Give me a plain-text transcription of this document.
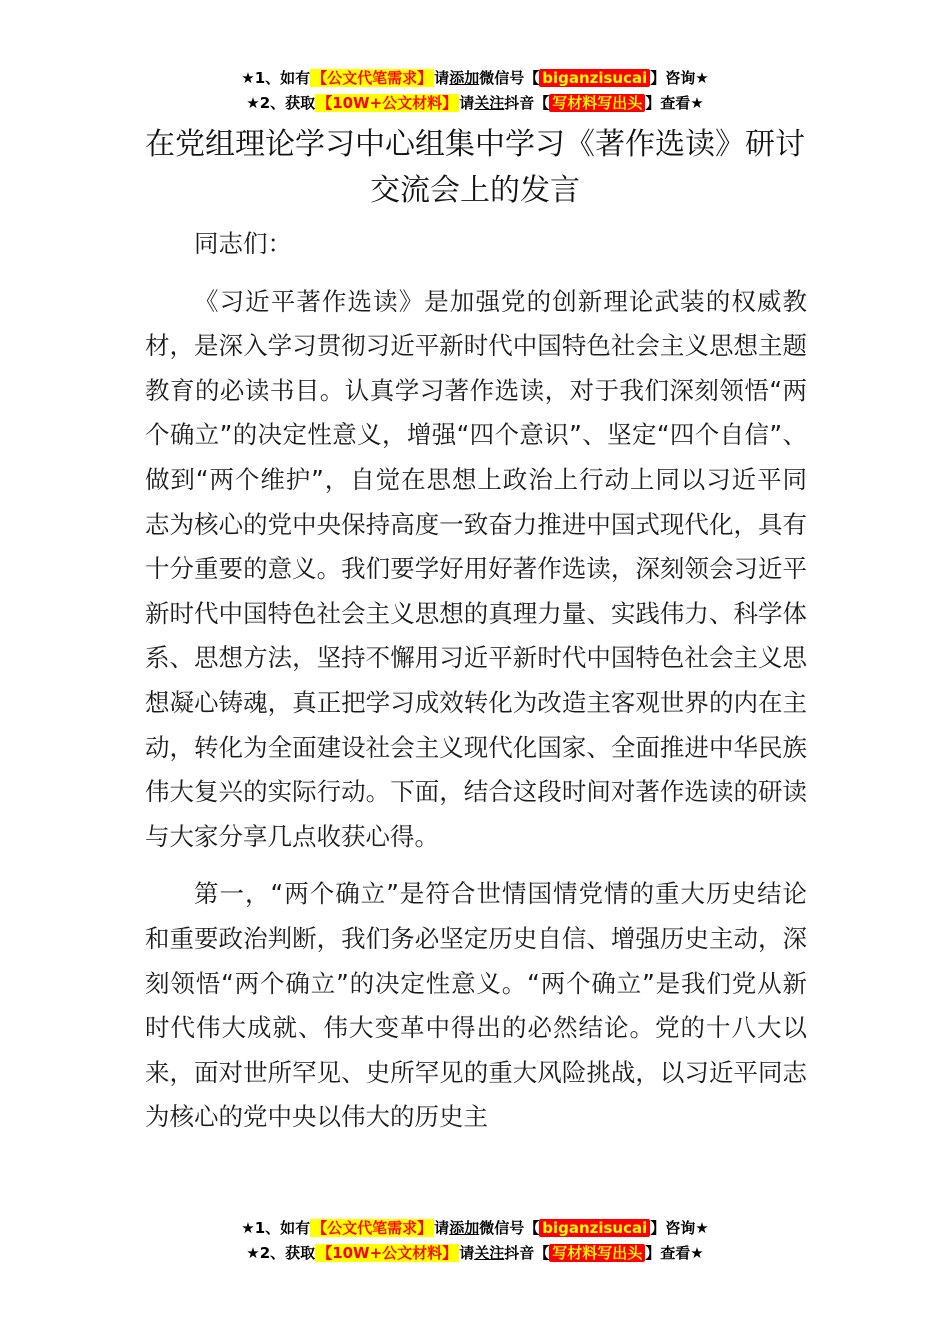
★1、如有 【公文代笔需求】 请添加微信号【 biganzisucai 】咨询★
★2、获取 【10W+公文材料】 请关注抖音【 写材料写出头 】查看★
在党组理论学习中心组集中学习《著作选读》研讨交流会上的发言

同志们：

《习近平著作选读》是加强党的创新理论武装的权威教材，是深入学习贯彻习近平新时代中国特色社会主义思想主题教育的必读书目。认真学习著作选读，对于我们深刻领悟“两个确立”的决定性意义，增强“四个意识”、坚定“四个自信”、做到“两个维护”，自觉在思想上政治上行动上同以习近平同志为核心的党中央保持高度一致奋力推进中国式现代化，具有十分重要的意义。我们要学好用好著作选读，深刻领会习近平新时代中国特色社会主义思想的真理力量、实践伟力、科学体系、思想方法，坚持不懈用习近平新时代中国特色社会主义思想凝心铸魂，真正把学习成效转化为改造主客观世界的内在主动，转化为全面建设社会主义现代化国家、全面推进中华民族伟大复兴的实际行动。下面，结合这段时间对著作选读的研读与大家分享几点收获心得。

第一，“两个确立”是符合世情国情党情的重大历史结论和重要政治判断，我们务必坚定历史自信、增强历史主动，深刻领悟“两个确立”的决定性意义。“两个确立”是我们党从新时代伟大成就、伟大变革中得出的必然结论。党的十八大以来，面对世所罕见、史所罕见的重大风险挑战，以习近平同志为核心的党中央以伟大的历史主

★1、如有 【公文代笔需求】 请添加微信号【 biganzisucai 】咨询★
★2、获取 【10W+公文材料】 请关注抖音【 写材料写出头 】查看★
